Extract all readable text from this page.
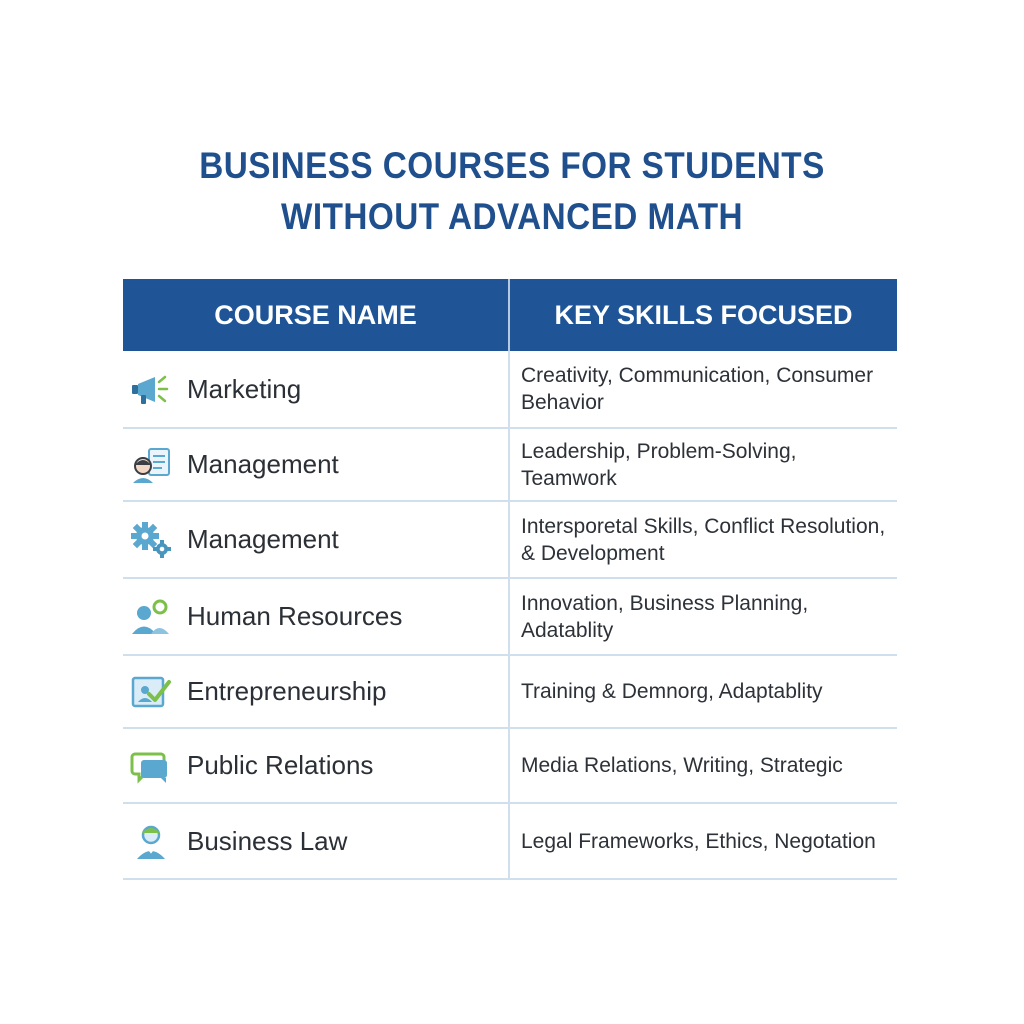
BUSINESS COURSES FOR STUDENTS
WITHOUT ADVANCED MATH
COURSE NAME	KEY SKILLS FOCUSED
Marketing	Creativity, Communication, Consumer Behavior
Management	Leadership, Problem-Solving, Teamwork
Management	Intersporetal Skills, Conflict Resolution, & Development
Human Resources	Innovation, Business Planning, Adatablity
Entrepreneurship	Training & Demnorg, Adaptablity
Public Relations	Media Relations, Writing, Strategic
Business Law	Legal Frameworks, Ethics, Negotation
